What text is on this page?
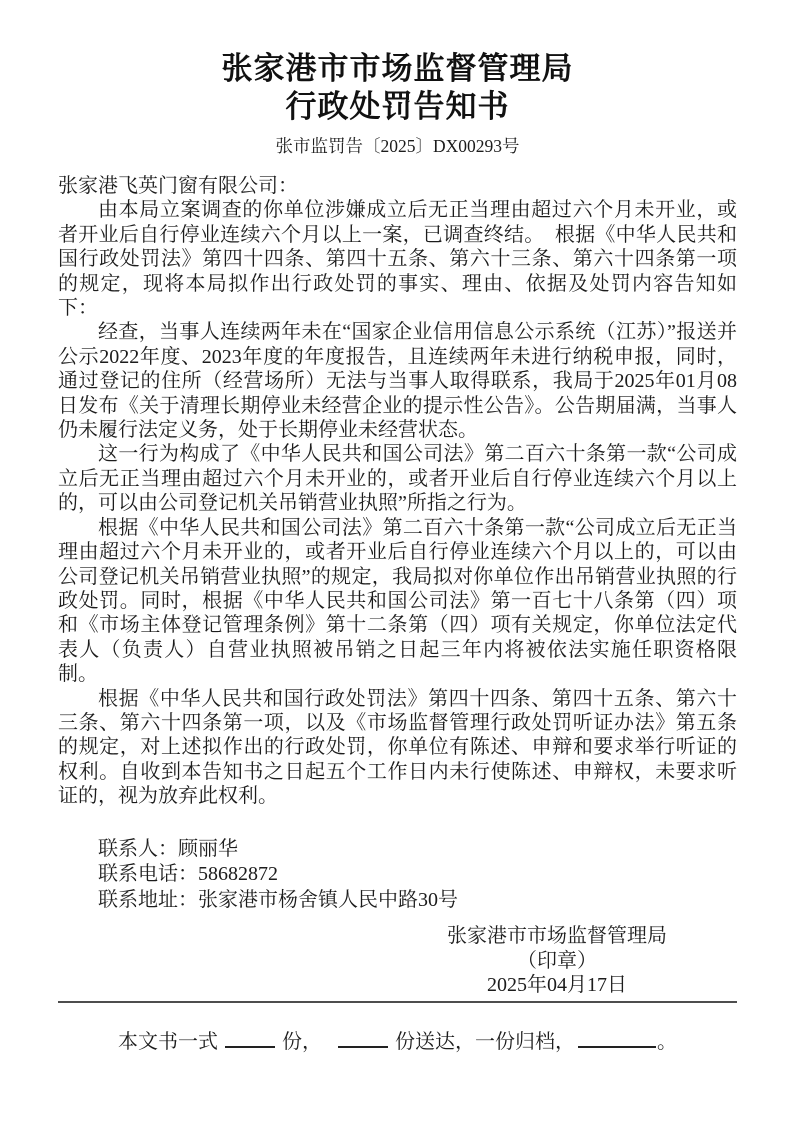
张家港市市场监督管理局
行政处罚告知书
张市监罚告〔2025〕DX00293号

张家港飞英门窗有限公司：

由本局立案调查的你单位涉嫌成立后无正当理由超过六个月未开业，或者开业后自行停业连续六个月以上一案，已调查终结。　根据《中华人民共和国行政处罚法》第四十四条、第四十五条、第六十三条、第六十四条第一项的规定，现将本局拟作出行政处罚的事实、理由、依据及处罚内容告知如下：

经查，当事人连续两年未在“国家企业信用信息公示系统（江苏）”报送并公示2022年度、2023年度的年度报告，且连续两年未进行纳税申报，同时，通过登记的住所（经营场所）无法与当事人取得联系，我局于2025年01月08日发布《关于清理长期停业未经营企业的提示性公告》。公告期届满，当事人仍未履行法定义务，处于长期停业未经营状态。

这一行为构成了《中华人民共和国公司法》第二百六十条第一款“公司成立后无正当理由超过六个月未开业的，或者开业后自行停业连续六个月以上的，可以由公司登记机关吊销营业执照”所指之行为。

根据《中华人民共和国公司法》第二百六十条第一款“公司成立后无正当理由超过六个月未开业的，或者开业后自行停业连续六个月以上的，可以由公司登记机关吊销营业执照”的规定，我局拟对你单位作出吊销营业执照的行政处罚。同时，根据《中华人民共和国公司法》第一百七十八条第（四）项和《市场主体登记管理条例》第十二条第（四）项有关规定，你单位法定代表人（负责人）自营业执照被吊销之日起三年内将被依法实施任职资格限制。

根据《中华人民共和国行政处罚法》第四十四条、第四十五条、第六十三条、第六十四条第一项，以及《市场监督管理行政处罚听证办法》第五条的规定，对上述拟作出的行政处罚，你单位有陈述、申辩和要求举行听证的权利。自收到本告知书之日起五个工作日内未行使陈述、申辩权，未要求听证的，视为放弃此权利。

联系人：顾丽华

联系电话：58682872

联系地址：张家港市杨舍镇人民中路30号

张家港市市场监督管理局
（印章）
2025年04月17日
本文书一式	份，	份送达，一份归档，	。
